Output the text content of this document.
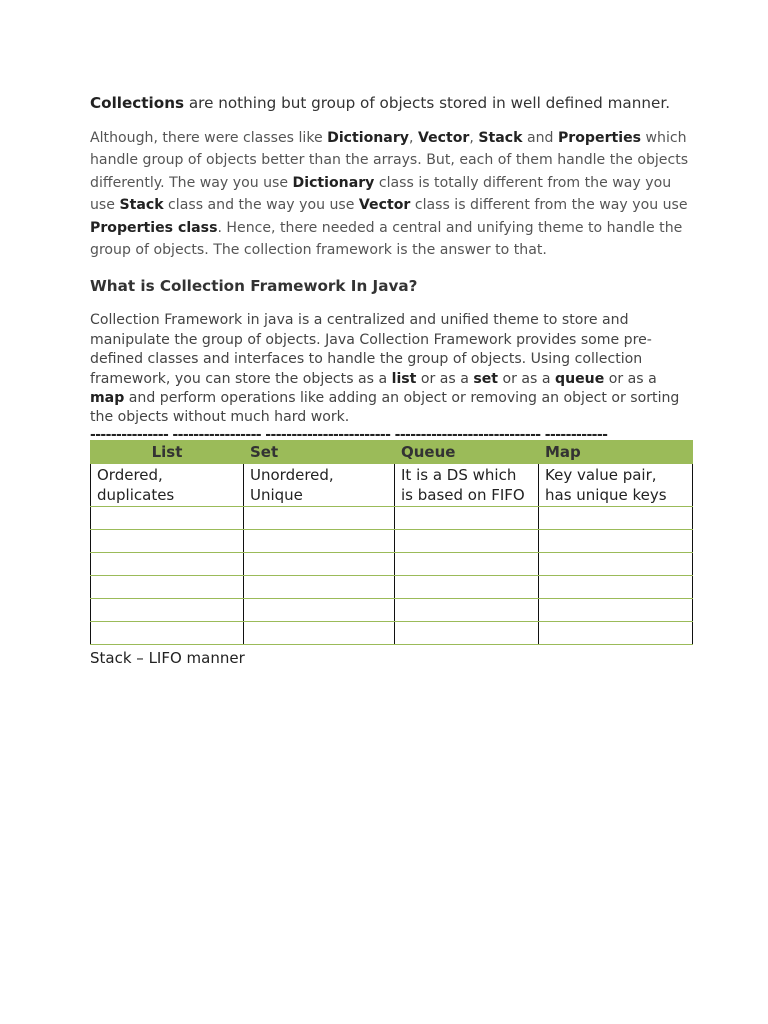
Collections are nothing but group of objects stored in well defined manner.

Although, there were classes like Dictionary, Vector, Stack and Properties which handle group of objects better than the arrays. But, each of them handle the objects differently. The way you use Dictionary class is totally different from the way you use Stack class and the way you use Vector class is different from the way you use Properties class. Hence, there needed a central and unifying theme to handle the group of objects. The collection framework is the answer to that.

What is Collection Framework In Java?

Collection Framework in java is a centralized and unified theme to store and manipulate the group of objects. Java Collection Framework provides some pre-defined classes and interfaces to handle the group of objects. Using collection framework, you can store the objects as a list or as a set or as a queue or as a map and perform operations like adding an object or removing an object or sorting the objects without much hard work.

--------------- ----------------- ------------------------ ---------------------------- ------------
List	Set	Queue	Map
Ordered, duplicates	Unordered, Unique	It is a DS which is based on FIFO	Key value pair, has unique keys

Stack – LIFO manner
